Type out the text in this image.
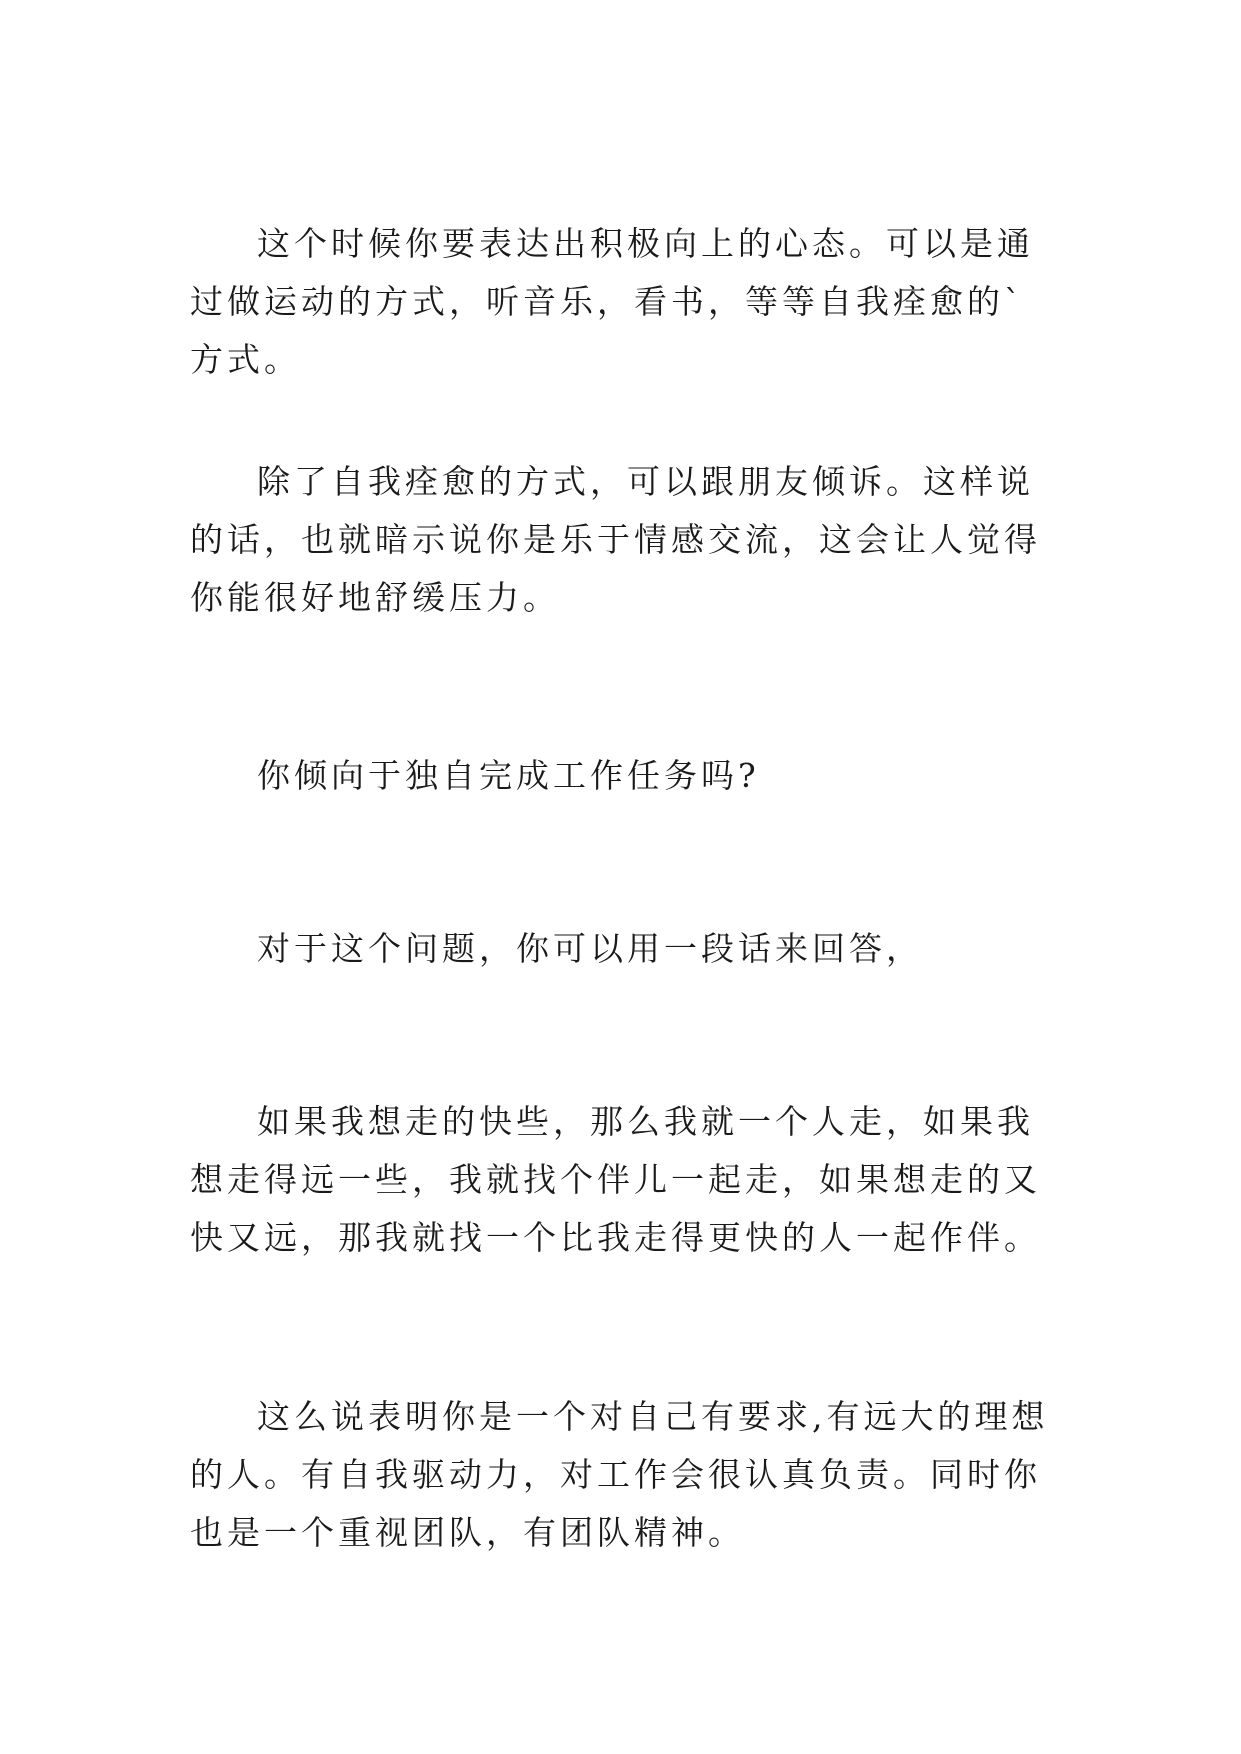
这个时候你要表达出积极向上的心态。可以是通过做运动的方式，听音乐，看书，等等自我痊愈的`方式。

除了自我痊愈的方式，可以跟朋友倾诉。这样说的话，也就暗示说你是乐于情感交流，这会让人觉得你能很好地舒缓压力。

你倾向于独自完成工作任务吗?

对于这个问题，你可以用一段话来回答，

如果我想走的快些，那么我就一个人走，如果我想走得远一些，我就找个伴儿一起走，如果想走的又快又远，那我就找一个比我走得更快的人一起作伴。

这么说表明你是一个对自己有要求,有远大的理想的人。有自我驱动力，对工作会很认真负责。同时你也是一个重视团队，有团队精神。
